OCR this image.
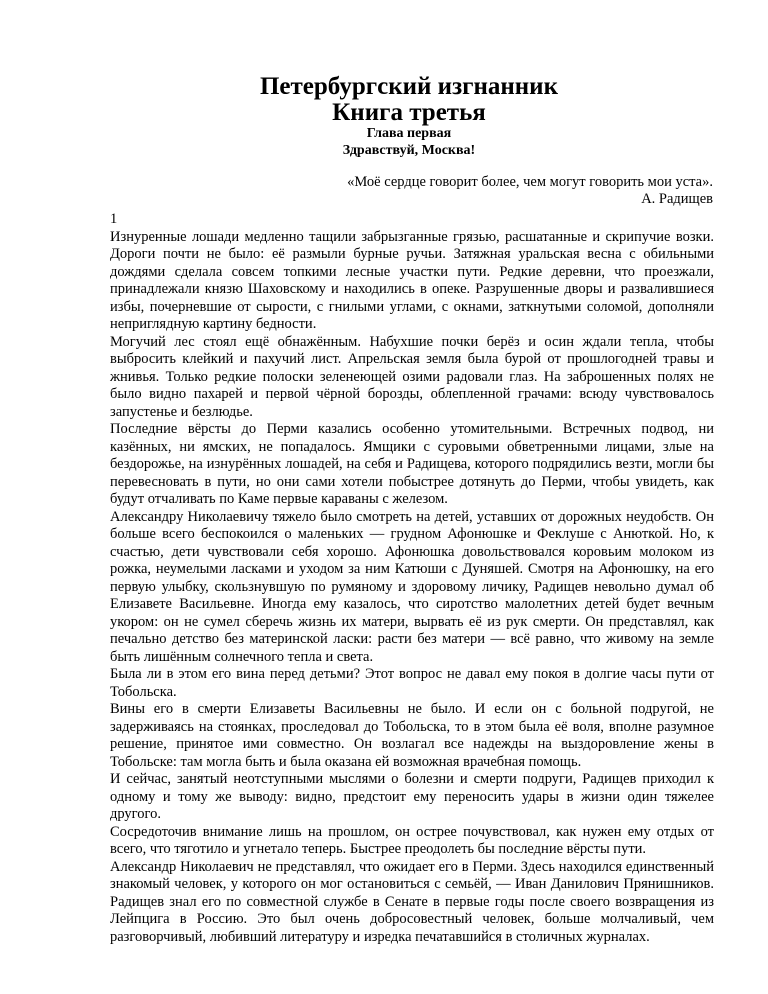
Петербургский изгнанник
Книга третья
Глава первая
Здравствуй, Москва!
«Моё сердце говорит более, чем могут говорить мои уста».
А. Радищев

1

Изнуренные лошади медленно тащили забрызганные грязью, расшатанные и скрипучие возки. Дороги почти не было: её размыли бурные ручьи. Затяжная уральская весна с обильными дождями сделала совсем топкими лесные участки пути. Редкие деревни, что проезжали, принадлежали князю Шаховскому и находились в опеке. Разрушенные дворы и развалившиеся избы, почерневшие от сырости, с гнилыми углами, с окнами, заткнутыми соломой, дополняли неприглядную картину бедности.

Могучий лес стоял ещё обнажённым. Набухшие почки берёз и осин ждали тепла, чтобы выбросить клейкий и пахучий лист. Апрельская земля была бурой от прошлогодней травы и жнивья. Только редкие полоски зеленеющей озими радовали глаз. На заброшенных полях не было видно пахарей и первой чёрной борозды, облепленной грачами: всюду чувствовалось запустенье и безлюдье.

Последние вёрсты до Перми казались особенно утомительными. Встречных подвод, ни казённых, ни ямских, не попадалось. Ямщики с суровыми обветренными лицами, злые на бездорожье, на изнурённых лошадей, на себя и Радищева, которого подрядились везти, могли бы перевесновать в пути, но они сами хотели побыстрее дотянуть до Перми, чтобы увидеть, как будут отчаливать по Каме первые караваны с железом.

Александру Николаевичу тяжело было смотреть на детей, уставших от дорожных неудобств. Он больше всего беспокоился о маленьких — грудном Афонюшке и Феклуше с Анюткой. Но, к счастью, дети чувствовали себя хорошо. Афонюшка довольствовался коровьим молоком из рожка, неумелыми ласками и уходом за ним Катюши с Дуняшей. Смотря на Афонюшку, на его первую улыбку, скользнувшую по румяному и здоровому личику, Радищев невольно думал об Елизавете Васильевне. Иногда ему казалось, что сиротство малолетних детей будет вечным укором: он не сумел сберечь жизнь их матери, вырвать её из рук смерти. Он представлял, как печально детство без материнской ласки: расти без матери — всё равно, что живому на земле быть лишённым солнечного тепла и света.

Была ли в этом его вина перед детьми? Этот вопрос не давал ему покоя в долгие часы пути от Тобольска.

Вины его в смерти Елизаветы Васильевны не было. И если он с больной подругой, не задерживаясь на стоянках, проследовал до Тобольска, то в этом была её воля, вполне разумное решение, принятое ими совместно. Он возлагал все надежды на выздоровление жены в Тобольске: там могла быть и была оказана ей возможная врачебная помощь.

И сейчас, занятый неотступными мыслями о болезни и смерти подруги, Радищев приходил к одному и тому же выводу: видно, предстоит ему переносить удары в жизни один тяжелее другого.

Сосредоточив внимание лишь на прошлом, он острее почувствовал, как нужен ему отдых от всего, что тяготило и угнетало теперь. Быстрее преодолеть бы последние вёрсты пути.

Александр Николаевич не представлял, что ожидает его в Перми. Здесь находился единственный знакомый человек, у которого он мог остановиться с семьёй, — Иван Данилович Прянишников. Радищев знал его по совместной службе в Сенате в первые годы после своего возвращения из Лейпцига в Россию. Это был очень добросовестный человек, больше молчаливый, чем разговорчивый, любивший литературу и изредка печатавшийся в столичных журналах.
